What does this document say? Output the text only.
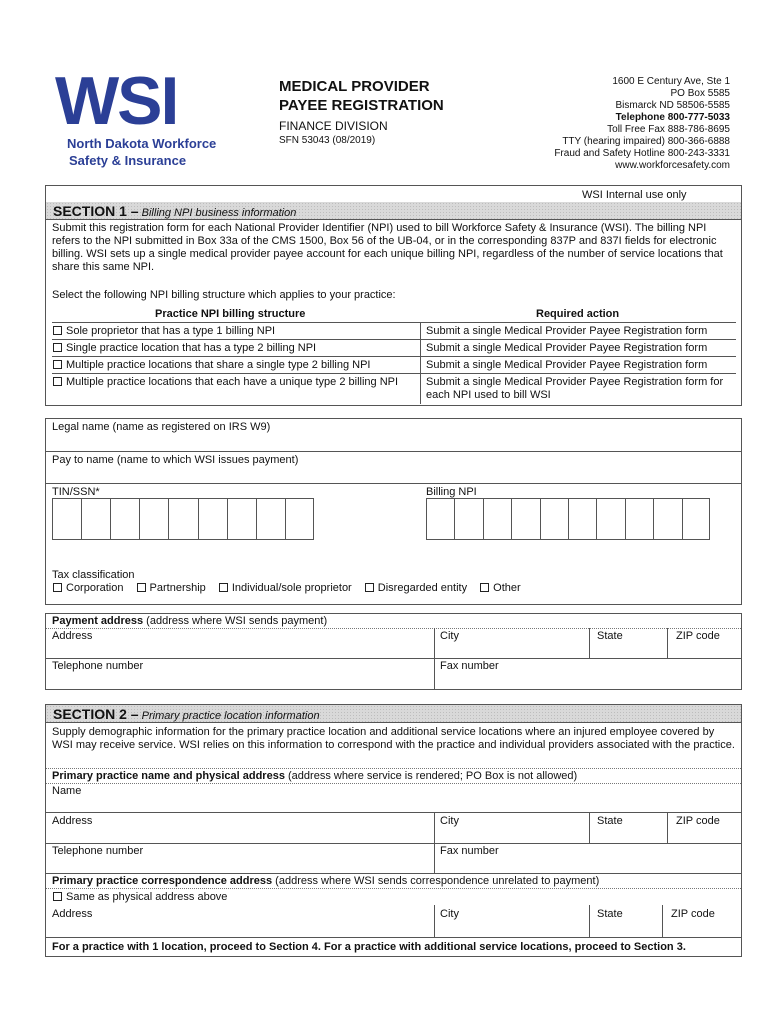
WSI
North Dakota Workforce
Safety & Insurance
MEDICAL PROVIDER
PAYEE REGISTRATION
FINANCE DIVISION
SFN 53043 (08/2019)
1600 E Century Ave, Ste 1
PO Box 5585
Bismarck ND 58506-5585
Telephone 800-777-5033
Toll Free Fax 888-786-8695
TTY (hearing impaired) 800-366-6888
Fraud and Safety Hotline 800-243-3331
www.workforcesafety.com
WSI Internal use only
SECTION 1 – Billing NPI business information
Submit this registration form for each National Provider Identifier (NPI) used to bill Workforce Safety & Insurance (WSI). The billing NPI refers to the NPI submitted in Box 33a of the CMS 1500, Box 56 of the UB-04, or in the corresponding 837P and 837I fields for electronic billing. WSI sets up a single medical provider payee account for each unique billing NPI, regardless of the number of service locations that share this same NPI.
Select the following NPI billing structure which applies to your practice:
Practice NPI billing structure	Required action
Sole proprietor that has a type 1 billing NPI	Submit a single Medical Provider Payee Registration form
Single practice location that has a type 2 billing NPI	Submit a single Medical Provider Payee Registration form
Multiple practice locations that share a single type 2 billing NPI	Submit a single Medical Provider Payee Registration form
Multiple practice locations that each have a unique type 2 billing NPI	Submit a single Medical Provider Payee Registration form for each NPI used to bill WSI
Legal name (name as registered on IRS W9)
Pay to name (name to which WSI issues payment)
TIN/SSN*	Billing NPI
Tax classification
Corporation Partnership Individual/sole proprietor Disregarded entity Other
Payment address (address where WSI sends payment)
Address	City	State	ZIP code
Telephone number	Fax number
SECTION 2 – Primary practice location information
Supply demographic information for the primary practice location and additional service locations where an injured employee covered by WSI may receive service. WSI relies on this information to correspond with the practice and individual providers associated with the practice.
Primary practice name and physical address (address where service is rendered; PO Box is not allowed)
Name
Address	City	State	ZIP code
Telephone number	Fax number
Primary practice correspondence address (address where WSI sends correspondence unrelated to payment)
Same as physical address above
Address	City	State	ZIP code
For a practice with 1 location, proceed to Section 4. For a practice with additional service locations, proceed to Section 3.
